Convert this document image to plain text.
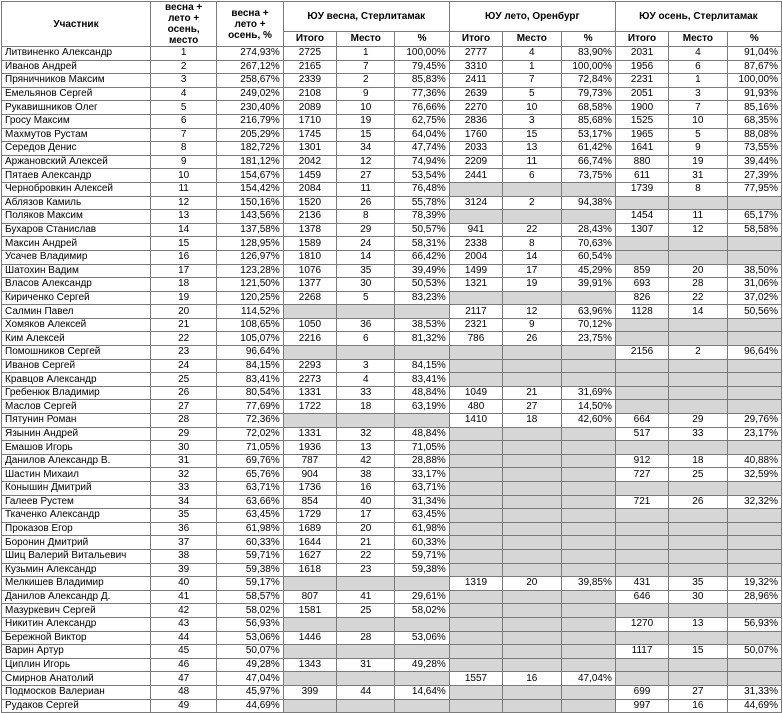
Участник	весна + лето + осень, место	весна + лето + осень, %	ЮУ весна, Стерлитамак			ЮУ лето, Оренбург			ЮУ осень, Стерлитамак		
			Итого	Место	%	Итого	Место	%	Итого	Место	%
Литвиненко Александр	1	274,93%	2725	1	100,00%	2777	4	83,90%	2031	4	91,04%
Иванов Андрей	2	267,12%	2165	7	79,45%	3310	1	100,00%	1956	6	87,67%
Пряничников Максим	3	258,67%	2339	2	85,83%	2411	7	72,84%	2231	1	100,00%
Емельянов Сергей	4	249,02%	2108	9	77,36%	2639	5	79,73%	2051	3	91,93%
Рукавишников Олег	5	230,40%	2089	10	76,66%	2270	10	68,58%	1900	7	85,16%
Гросу Максим	6	216,79%	1710	19	62,75%	2836	3	85,68%	1525	10	68,35%
Махмутов Рустам	7	205,29%	1745	15	64,04%	1760	15	53,17%	1965	5	88,08%
Середов Денис	8	182,72%	1301	34	47,74%	2033	13	61,42%	1641	9	73,55%
Аржановский Алексей	9	181,12%	2042	12	74,94%	2209	11	66,74%	880	19	39,44%
Пятаев Александр	10	154,67%	1459	27	53,54%	2441	6	73,75%	611	31	27,39%
Чернобровкин Алексей	11	154,42%	2084	11	76,48%				1739	8	77,95%
Аблязов Камиль	12	150,16%	1520	26	55,78%	3124	2	94,38%			
Поляков Максим	13	143,56%	2136	8	78,39%				1454	11	65,17%
Бухаров Станислав	14	137,58%	1378	29	50,57%	941	22	28,43%	1307	12	58,58%
Максин Андрей	15	128,95%	1589	24	58,31%	2338	8	70,63%			
Усачев Владимир	16	126,97%	1810	14	66,42%	2004	14	60,54%			
Шатохин Вадим	17	123,28%	1076	35	39,49%	1499	17	45,29%	859	20	38,50%
Власов Александр	18	121,50%	1377	30	50,53%	1321	19	39,91%	693	28	31,06%
Кириченко Сергей	19	120,25%	2268	5	83,23%				826	22	37,02%
Салмин Павел	20	114,52%				2117	12	63,96%	1128	14	50,56%
Хомяков Алексей	21	108,65%	1050	36	38,53%	2321	9	70,12%			
Ким Алексей	22	105,07%	2216	6	81,32%	786	26	23,75%			
Помошников Сергей	23	96,64%							2156	2	96,64%
Иванов Сергей	24	84,15%	2293	3	84,15%						
Кравцов Александр	25	83,41%	2273	4	83,41%						
Гребенюк Владимир	26	80,54%	1331	33	48,84%	1049	21	31,69%			
Маслов Сергей	27	77,69%	1722	18	63,19%	480	27	14,50%			
Пятунин Роман	28	72,36%				1410	18	42,60%	664	29	29,76%
Язынин Андрей	29	72,02%	1331	32	48,84%				517	33	23,17%
Емашов Игорь	30	71,05%	1936	13	71,05%						
Данилов Александр В.	31	69,76%	787	42	28,88%				912	18	40,88%
Шастин Михаил	32	65,76%	904	38	33,17%				727	25	32,59%
Конышин Дмитрий	33	63,71%	1736	16	63,71%						
Галеев Рустем	34	63,66%	854	40	31,34%				721	26	32,32%
Ткаченко Александр	35	63,45%	1729	17	63,45%						
Проказов Егор	36	61,98%	1689	20	61,98%						
Боронин Дмитрий	37	60,33%	1644	21	60,33%						
Шиц Валерий Витальевич	38	59,71%	1627	22	59,71%						
Кузьмин Александр	39	59,38%	1618	23	59,38%						
Мелкишев Владимир	40	59,17%				1319	20	39,85%	431	35	19,32%
Данилов Александр Д.	41	58,57%	807	41	29,61%				646	30	28,96%
Мазуркевич Сергей	42	58,02%	1581	25	58,02%						
Никитин Александр	43	56,93%							1270	13	56,93%
Бережной Виктор	44	53,06%	1446	28	53,06%						
Варин Артур	45	50,07%							1117	15	50,07%
Циплин Игорь	46	49,28%	1343	31	49,28%						
Смирнов Анатолий	47	47,04%				1557	16	47,04%			
Подмосков Валериан	48	45,97%	399	44	14,64%				699	27	31,33%
Рудаков Сергей	49	44,69%							997	16	44,69%
